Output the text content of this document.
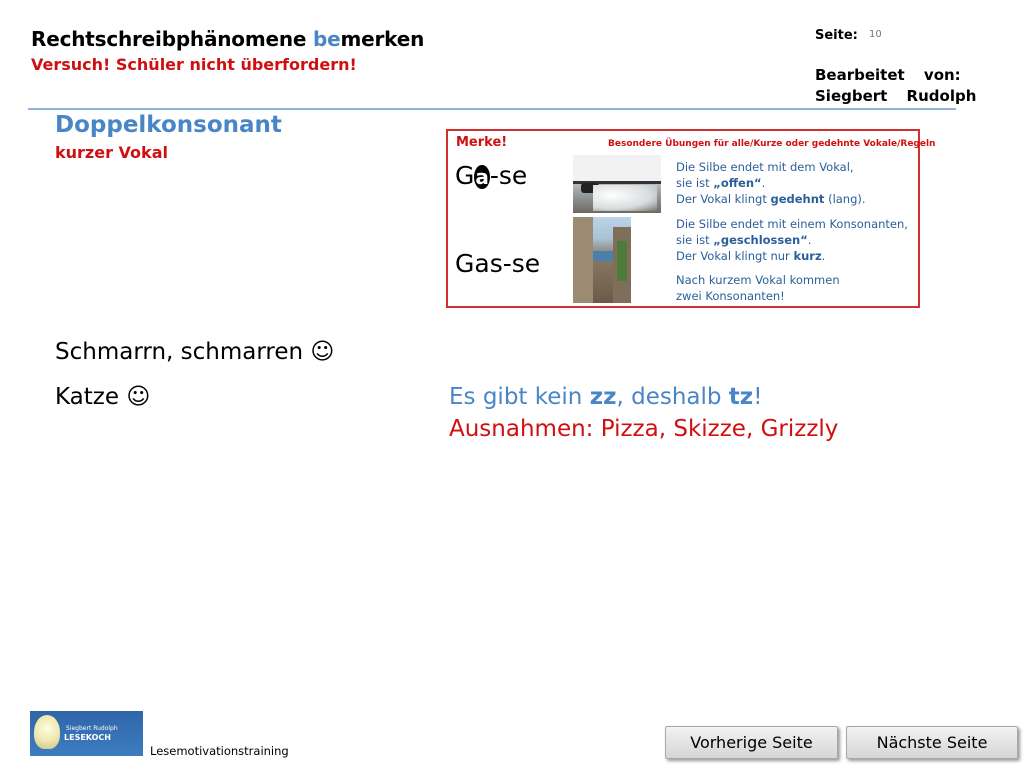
Rechtschreibphänomene bemerken
Versuch! Schüler nicht überfordern!
Seite: 10
Bearbeitet von:
Siegbert Rudolph
Doppelkonsonant
kurzer Vokal
Merke!	Besondere Übungen für alle/Kurze oder gedehnte Vokale/Regeln
Ga-se
Gas-se
Die Silbe endet mit dem Vokal,
sie ist „offen“.
Der Vokal klingt gedehnt (lang).
Die Silbe endet mit einem Konsonanten,
sie ist „geschlossen“.
Der Vokal klingt nur kurz.
Nach kurzem Vokal kommen
zwei Konsonanten!
Schmarrn, schmarren ☺
Katze ☺	Es gibt kein zz, deshalb tz!
Ausnahmen: Pizza, Skizze, Grizzly
Siegbert Rudolph
LESEKOCH
Lesemotivationstraining	Vorherige Seite	Nächste Seite
